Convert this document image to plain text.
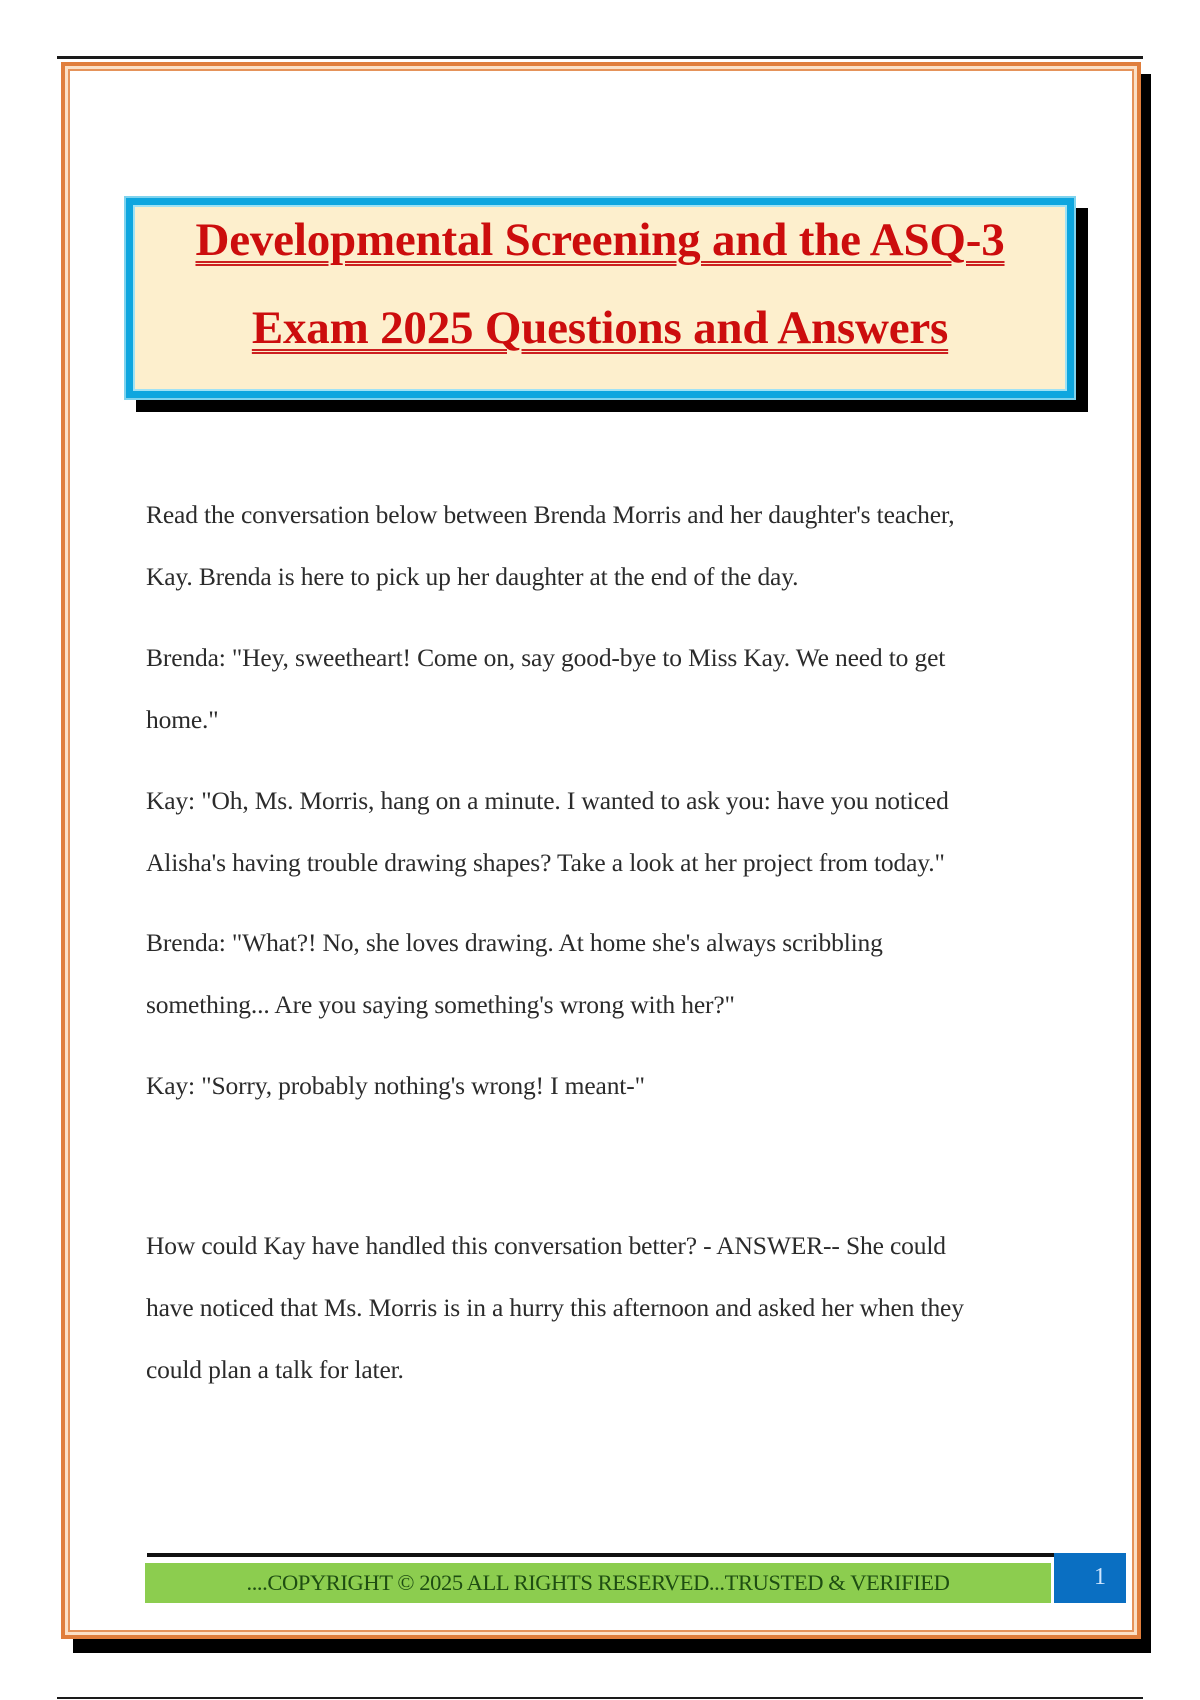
Developmental Screening and the ASQ-3
Exam 2025 Questions and Answers
Read the conversation below between Brenda Morris and her daughter's teacher,
Kay. Brenda is here to pick up her daughter at the end of the day.
Brenda: "Hey, sweetheart! Come on, say good-bye to Miss Kay. We need to get
home."
Kay: "Oh, Ms. Morris, hang on a minute. I wanted to ask you: have you noticed
Alisha's having trouble drawing shapes? Take a look at her project from today."
Brenda: "What?! No, she loves drawing. At home she's always scribbling
something... Are you saying something's wrong with her?"
Kay: "Sorry, probably nothing's wrong! I meant-"
How could Kay have handled this conversation better? - ANSWER-- She could
have noticed that Ms. Morris is in a hurry this afternoon and asked her when they
could plan a talk for later.
....COPYRIGHT © 2025 ALL RIGHTS RESERVED...TRUSTED & VERIFIED	1
